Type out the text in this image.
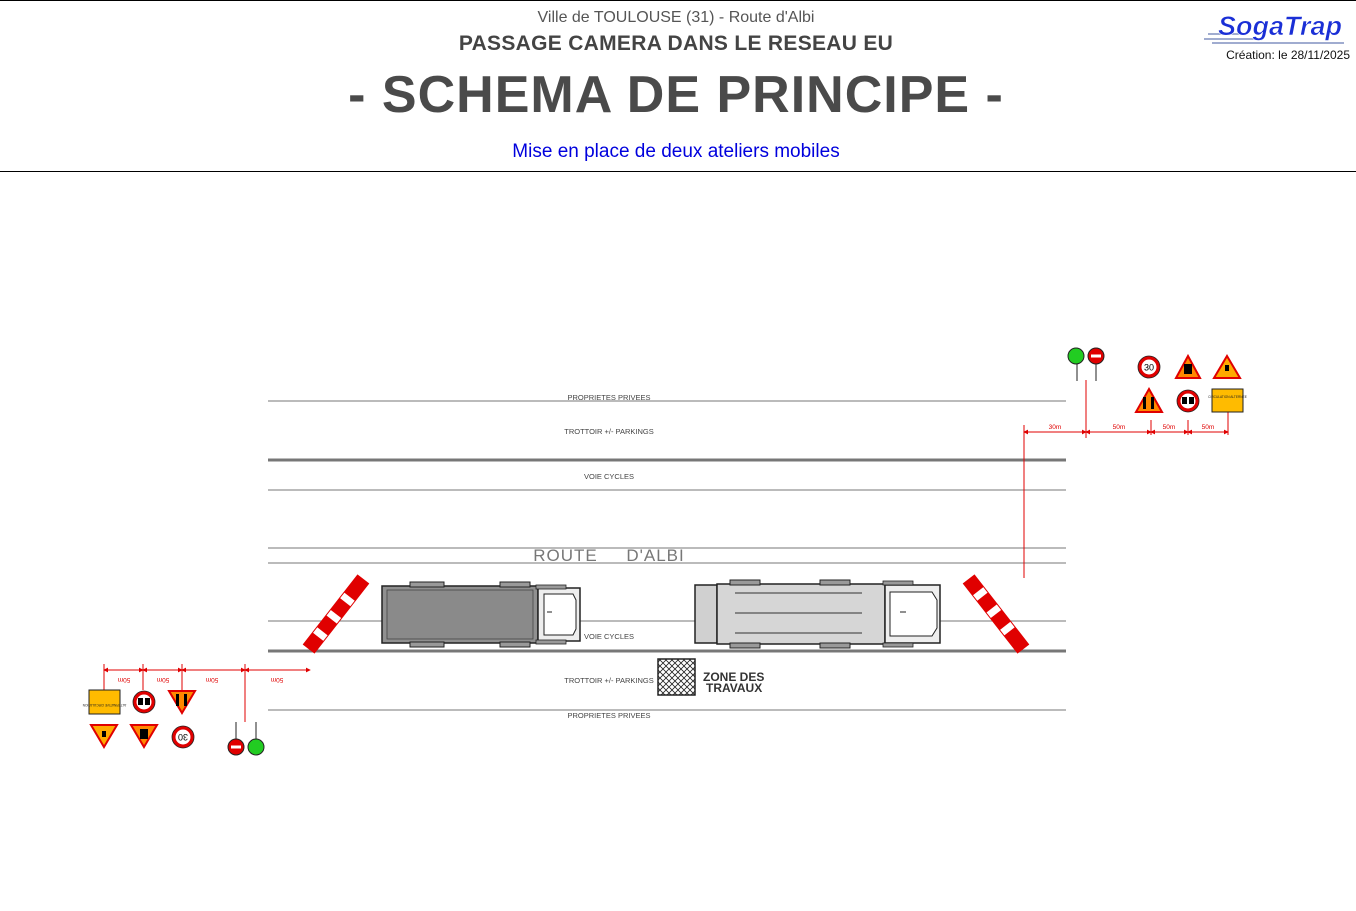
Ville de TOULOUSE (31) - Route d'Albi
PASSAGE CAMERA DANS LE RESEAU EU
- SCHEMA DE PRINCIPE -
Mise en place de deux ateliers mobiles
SogaTrap
Création: le 28/11/2025
PROPRIETES PRIVEES
TROTTOIR +/- PARKINGS
VOIE CYCLES
ROUTE     D'ALBI
VOIE CYCLES
TROTTOIR +/- PARKINGS
PROPRIETES PRIVEES
ZONE DES
TRAVAUX
30m	50m	50m	50m
50m	50m	50m	50m
30
CIRCULATION ALTERNEE
ALTERNATIVE CIRCULATION
30
